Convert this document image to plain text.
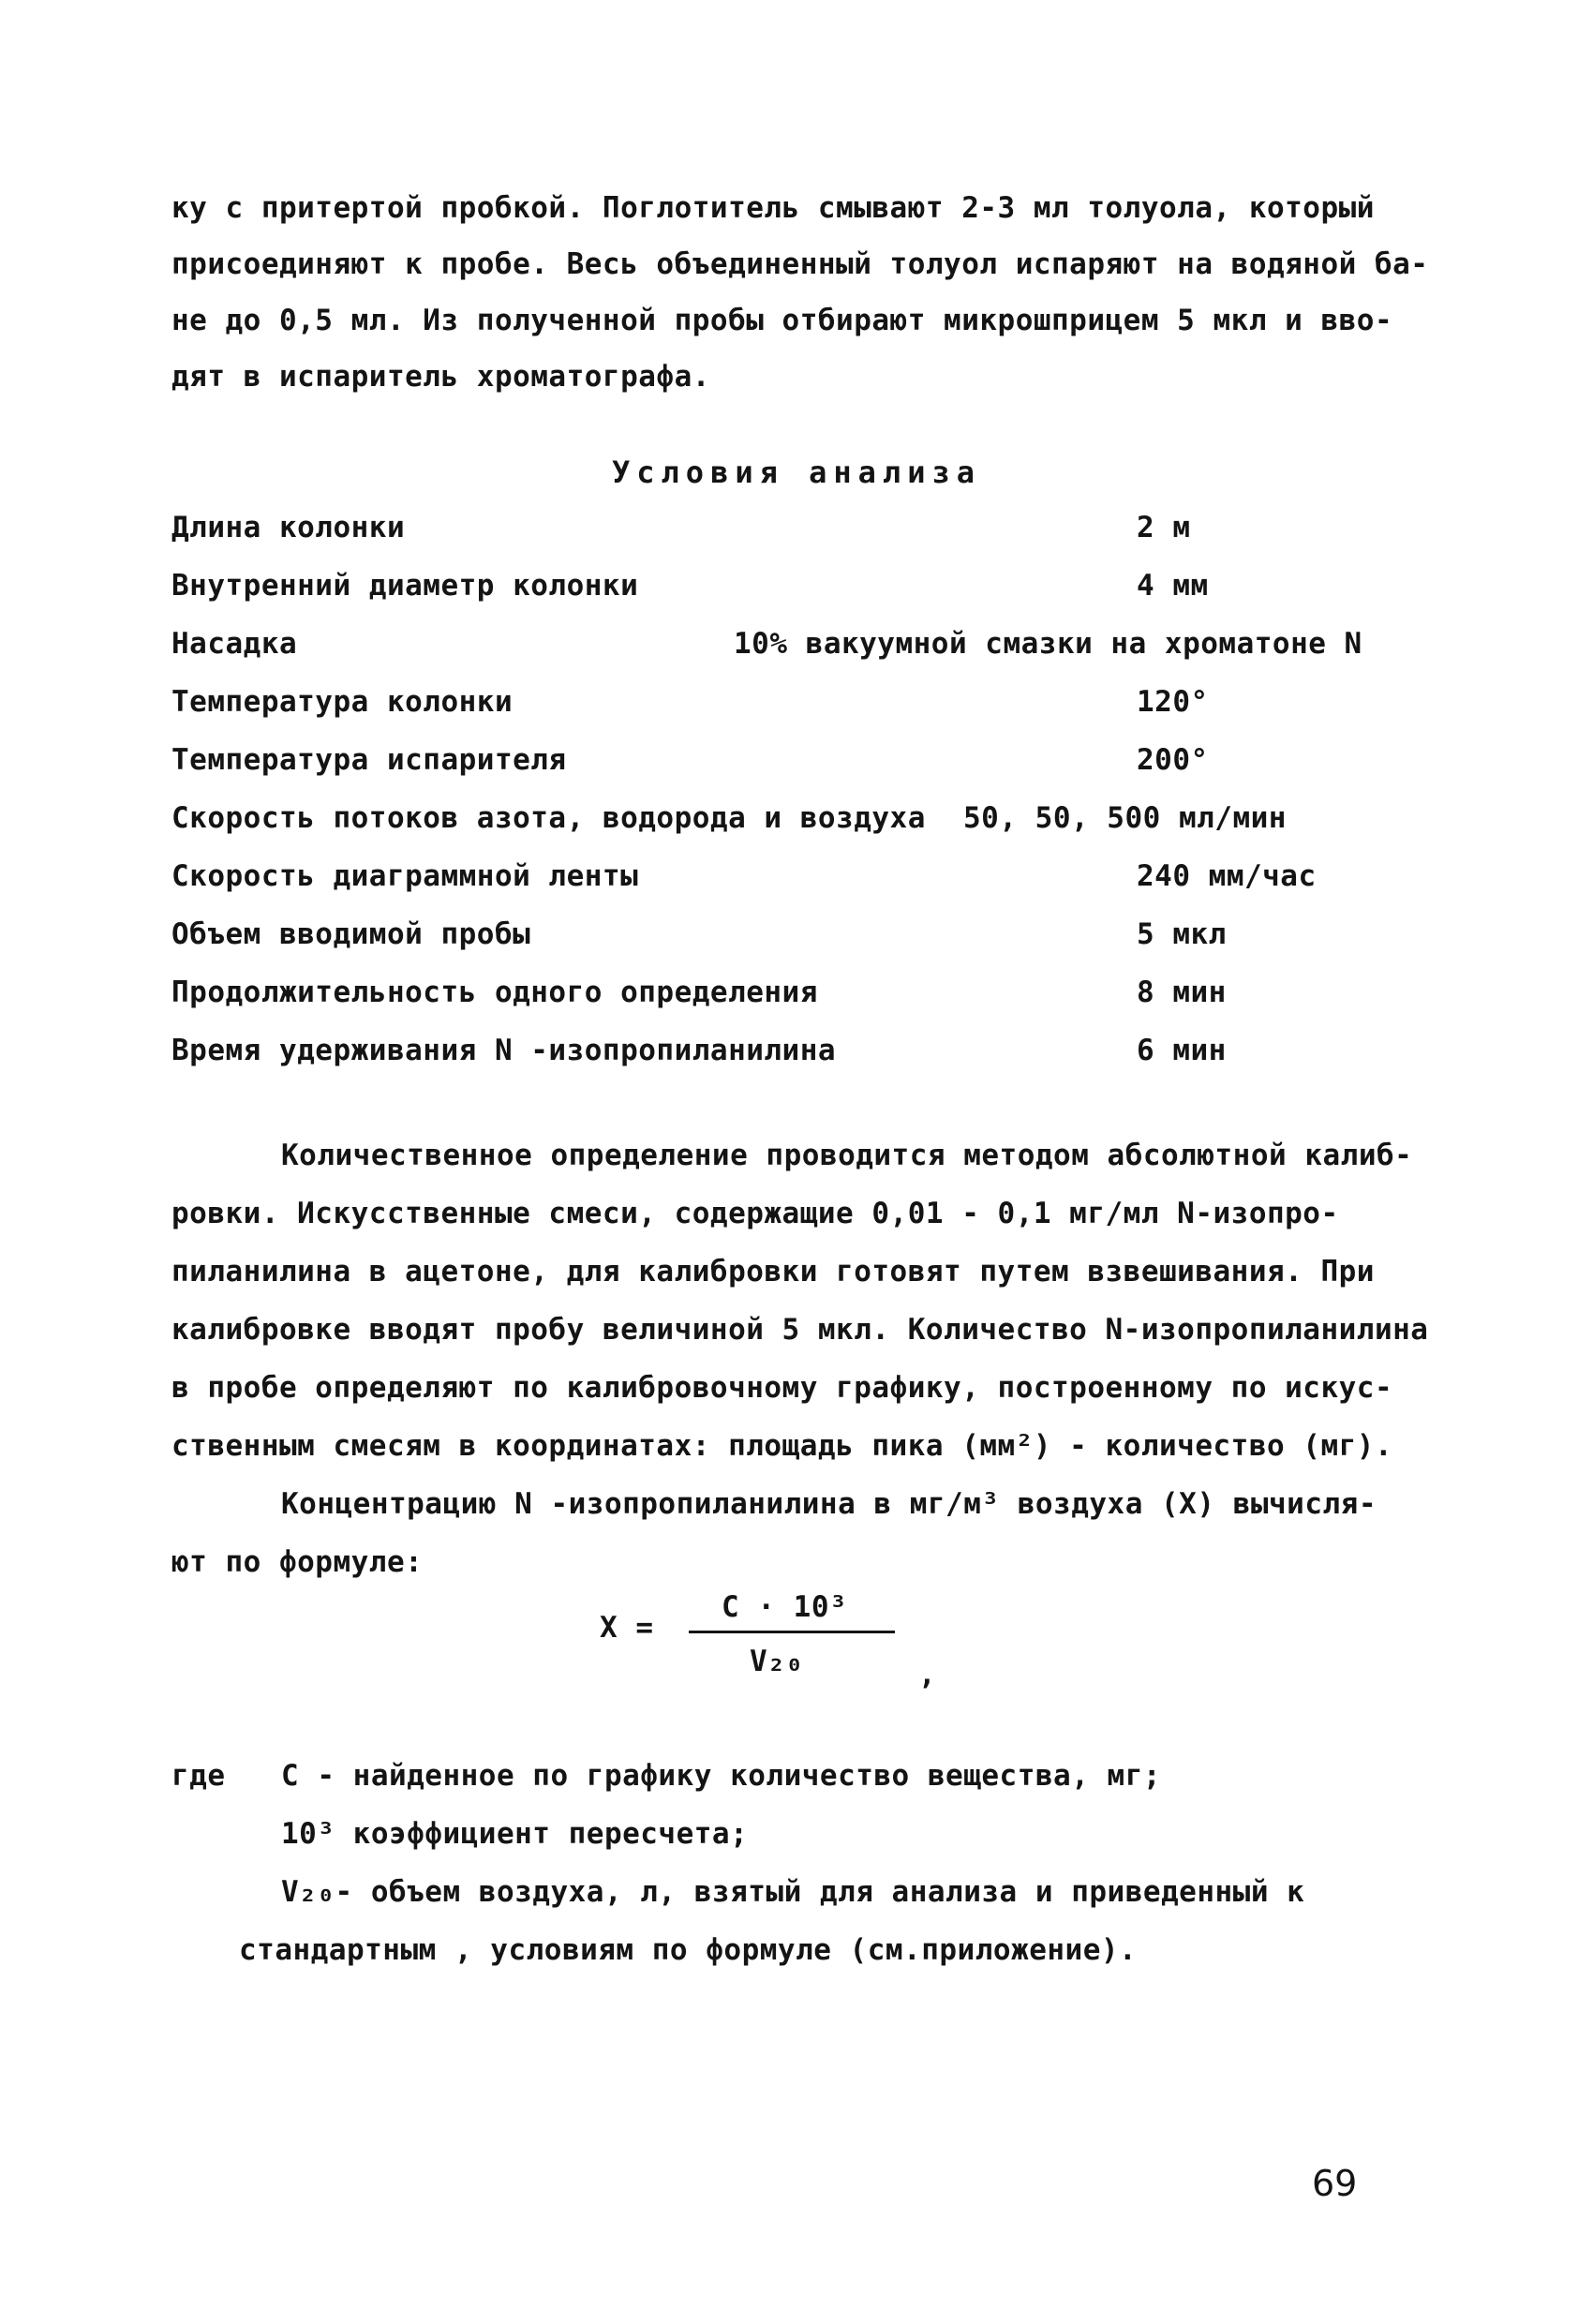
ку с притертой пробкой. Поглотитель смывают 2-3 мл толуола, который
присоединяют к пробе. Весь объединенный толуол испаряют на водяной ба-
не до 0,5 мл. Из полученной пробы отбирают микрошприцем 5 мкл и вво-
дят в испаритель хроматографа.
Условия анализа
Длина колонки	2 м
Внутренний диаметр колонки	4 мм
Насадка	10% вакуумной смазки на хроматоне N
Температура колонки	120°
Температура испарителя	200°
Скорость потоков азота, водорода и воздуха 50, 50, 500 мл/мин
Скорость диаграммной ленты	240 мм/час
Объем вводимой пробы	5 мкл
Продолжительность одного определения	8 мин
Время удерживания N -изопропиланилина	6 мин
Количественное определение проводится методом абсолютной калиб-
ровки. Искусственные смеси, содержащие 0,01 - 0,1 мг/мл N-изопро-
пиланилина в ацетоне, для калибровки готовят путем взвешивания. При
калибровке вводят пробу величиной 5 мкл. Количество N-изопропиланилина
в пробе определяют по калибровочному графику, построенному по искус-
ственным смесям в координатах: площадь пика (мм²) - количество (мг).
Концентрацию N -изопропиланилина в мг/м³ воздуха (X) вычисля-
ют по формуле:
X =
C · 10³
V₂₀	,
где C - найденное по графику количество вещества, мг;
10³ коэффициент пересчета;
V₂₀- объем воздуха, л, взятый для анализа и приведенный к
стандартным , условиям по формуле (см.приложение).
69
